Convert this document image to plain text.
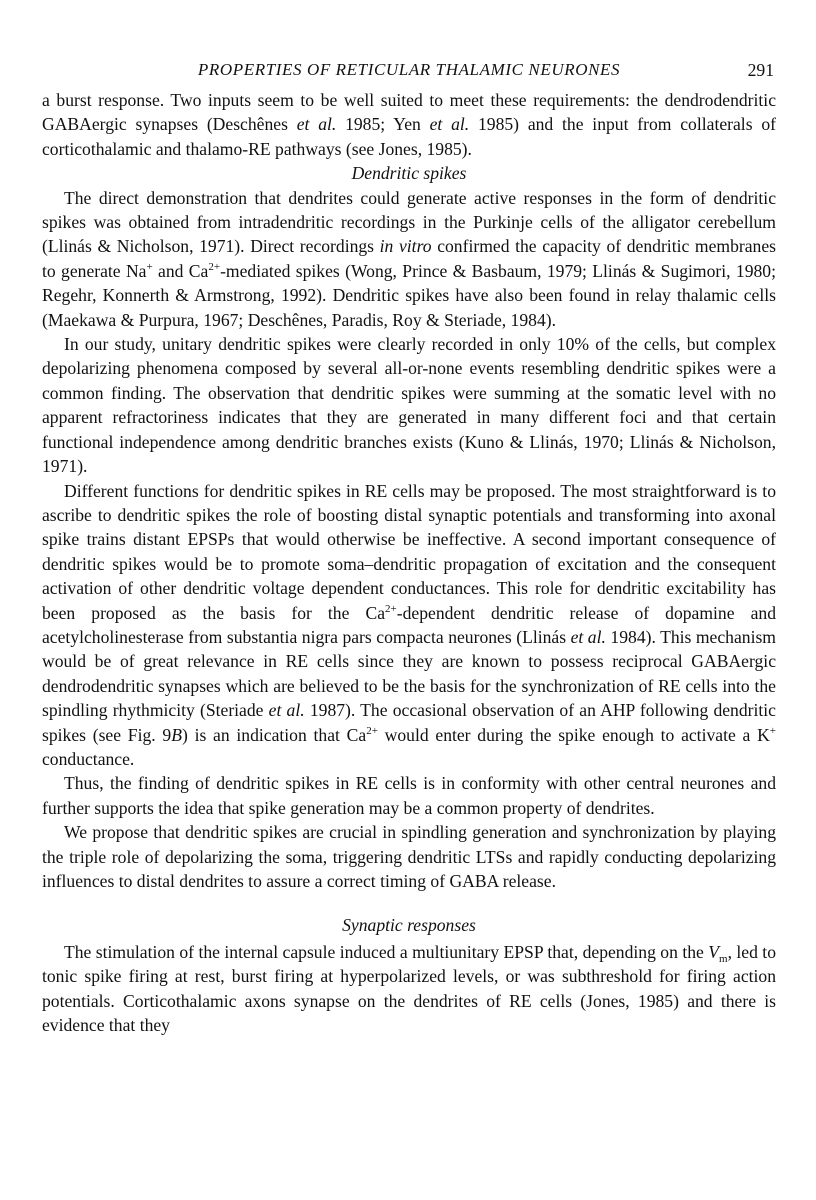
PROPERTIES OF RETICULAR THALAMIC NEURONES	291

a burst response. Two inputs seem to be well suited to meet these requirements: the dendrodendritic GABAergic synapses (Deschênes et al. 1985; Yen et al. 1985) and the input from collaterals of corticothalamic and thalamo-RE pathways (see Jones, 1985).

Dendritic spikes

The direct demonstration that dendrites could generate active responses in the form of dendritic spikes was obtained from intradendritic recordings in the Purkinje cells of the alligator cerebellum (Llinás & Nicholson, 1971). Direct recordings in vitro confirmed the capacity of dendritic membranes to generate Na+ and $Ca^{2+}$-mediated spikes (Wong, Prince & Basbaum, 1979; Llinás & Sugimori, 1980; Regehr, Konnerth & Armstrong, 1992). Dendritic spikes have also been found in relay thalamic cells (Maekawa & Purpura, 1967; Deschênes, Paradis, Roy & Steriade, 1984).

In our study, unitary dendritic spikes were clearly recorded in only 10% of the cells, but complex depolarizing phenomena composed by several all-or-none events resembling dendritic spikes were a common finding. The observation that dendritic spikes were summing at the somatic level with no apparent refractoriness indicates that they are generated in many different foci and that certain functional independence among dendritic branches exists (Kuno & Llinás, 1970; Llinás & Nicholson, 1971).

Different functions for dendritic spikes in RE cells may be proposed. The most straightforward is to ascribe to dendritic spikes the role of boosting distal synaptic potentials and transforming into axonal spike trains distant EPSPs that would otherwise be ineffective. A second important consequence of dendritic spikes would be to promote soma–dendritic propagation of excitation and the consequent activation of other dendritic voltage dependent conductances. This role for dendritic excitability has been proposed as the basis for the $Ca^{2+}$-dependent dendritic release of dopamine and acetylcholinesterase from substantia nigra pars compacta neurones (Llinás et al. 1984). This mechanism would be of great relevance in RE cells since they are known to possess reciprocal GABAergic dendrodendritic synapses which are believed to be the basis for the synchronization of RE cells into the spindling rhythmicity (Steriade et al. 1987). The occasional observation of an AHP following dendritic spikes (see Fig. 9B) is an indication that $Ca^{2+}$ would enter during the spike enough to activate a K+ conductance.

Thus, the finding of dendritic spikes in RE cells is in conformity with other central neurones and further supports the idea that spike generation may be a common property of dendrites.

We propose that dendritic spikes are crucial in spindling generation and synchronization by playing the triple role of depolarizing the soma, triggering dendritic LTSs and rapidly conducting depolarizing influences to distal dendrites to assure a correct timing of GABA release.

Synaptic responses

The stimulation of the internal capsule induced a multiunitary EPSP that, depending on the $V_m$, led to tonic spike firing at rest, burst firing at hyperpolarized levels, or was subthreshold for firing action potentials. Corticothalamic axons synapse on the dendrites of RE cells (Jones, 1985) and there is evidence that they
